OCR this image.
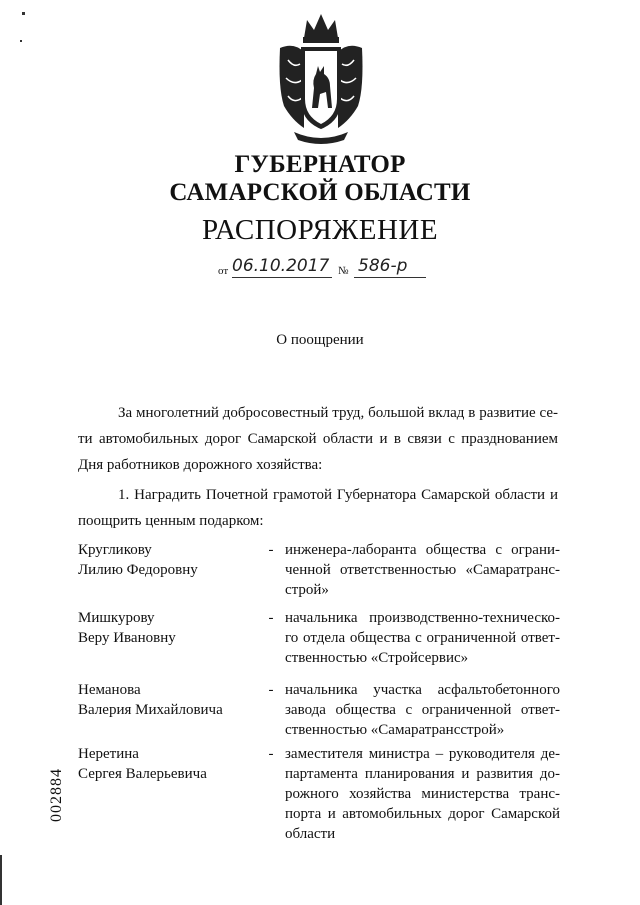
ГУБЕРНАТОР
САМАРСКОЙ ОБЛАСТИ
РАСПОРЯЖЕНИЕ
от 06.10.2017 № 586-р
О поощрении
За многолетний добросовестный труд, большой вклад в развитие се-
ти автомобильных дорог Самарской области и в связи с празднованием
Дня работников дорожного хозяйства:
1. Наградить Почетной грамотой Губернатора Самарской области и
поощрить ценным подарком:
Кругликову
Лилию Федоровну
- инженера-лаборанта общества с ограни-
ченной ответственностью «Самаратранс-
строй»
Мишкурову
Веру Ивановну
- начальника производственно-техническо-
го отдела общества с ограниченной ответ-
ственностью «Стройсервис»
Неманова
Валерия Михайловича
- начальника участка асфальтобетонного
завода общества с ограниченной ответ-
ственностью «Самаратрансстрой»
Неретина
Сергея Валерьевича
- заместителя министра – руководителя де-
партамента планирования и развития до-
рожного хозяйства министерства транс-
порта и автомобильных дорог Самарской
области
002884
